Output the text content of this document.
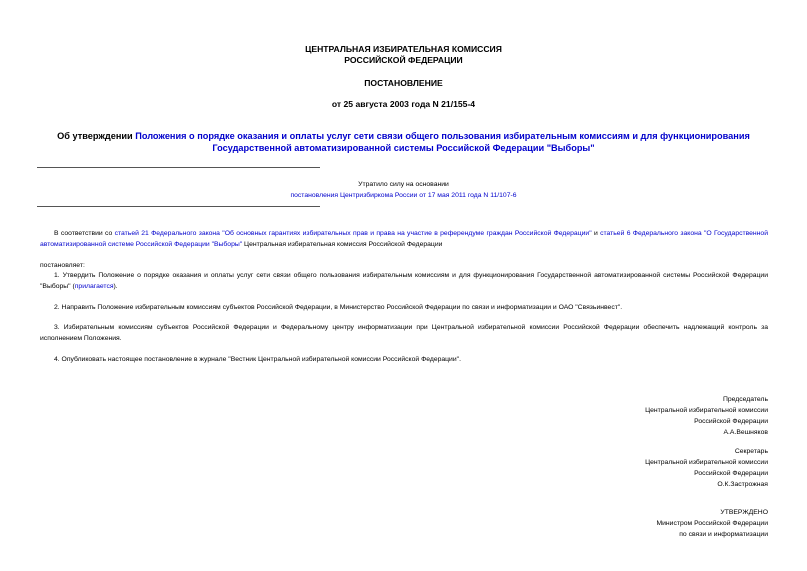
ЦЕНТРАЛЬНАЯ ИЗБИРАТЕЛЬНАЯ КОМИССИЯ
РОССИЙСКОЙ ФЕДЕРАЦИИ
ПОСТАНОВЛЕНИЕ
от 25 августа 2003 года N 21/155-4
Об утверждении Положения о порядке оказания и оплаты услуг сети связи общего пользования избирательным комиссиям и для функционирования
Государственной автоматизированной системы Российской Федерации "Выборы"
Утратило силу на основании
постановления Центризбиркома России от 17 мая 2011 года N 11/107-6
В соответствии со статьей 21 Федерального закона "Об основных гарантиях избирательных прав и права на участие в референдуме граждан Российской Федерации" и статьей 6 Федерального закона "О Государственной автоматизированной системе Российской Федерации "Выборы" Центральная избирательная комиссия Российской Федерации
постановляет:
1. Утвердить Положение о порядке оказания и оплаты услуг сети связи общего пользования избирательным комиссиям и для функционирования Государственной автоматизированной системы Российской Федерации "Выборы" (прилагается).
2. Направить Положение избирательным комиссиям субъектов Российской Федерации, в Министерство Российской Федерации по связи и информатизации и ОАО "Связьинвест".
3. Избирательным комиссиям субъектов Российской Федерации и Федеральному центру информатизации при Центральной избирательной комиссии Российской Федерации обеспечить надлежащий контроль за исполнением Положения.
4. Опубликовать настоящее постановление в журнале "Вестник Центральной избирательной комиссии Российской Федерации".
Председатель
Центральной избирательной комиссии
Российской Федерации
А.А.Вешняков
Секретарь
Центральной избирательной комиссии
Российской Федерации
О.К.Застрожная
УТВЕРЖДЕНО
Министром Российской Федерации
по связи и информатизации
